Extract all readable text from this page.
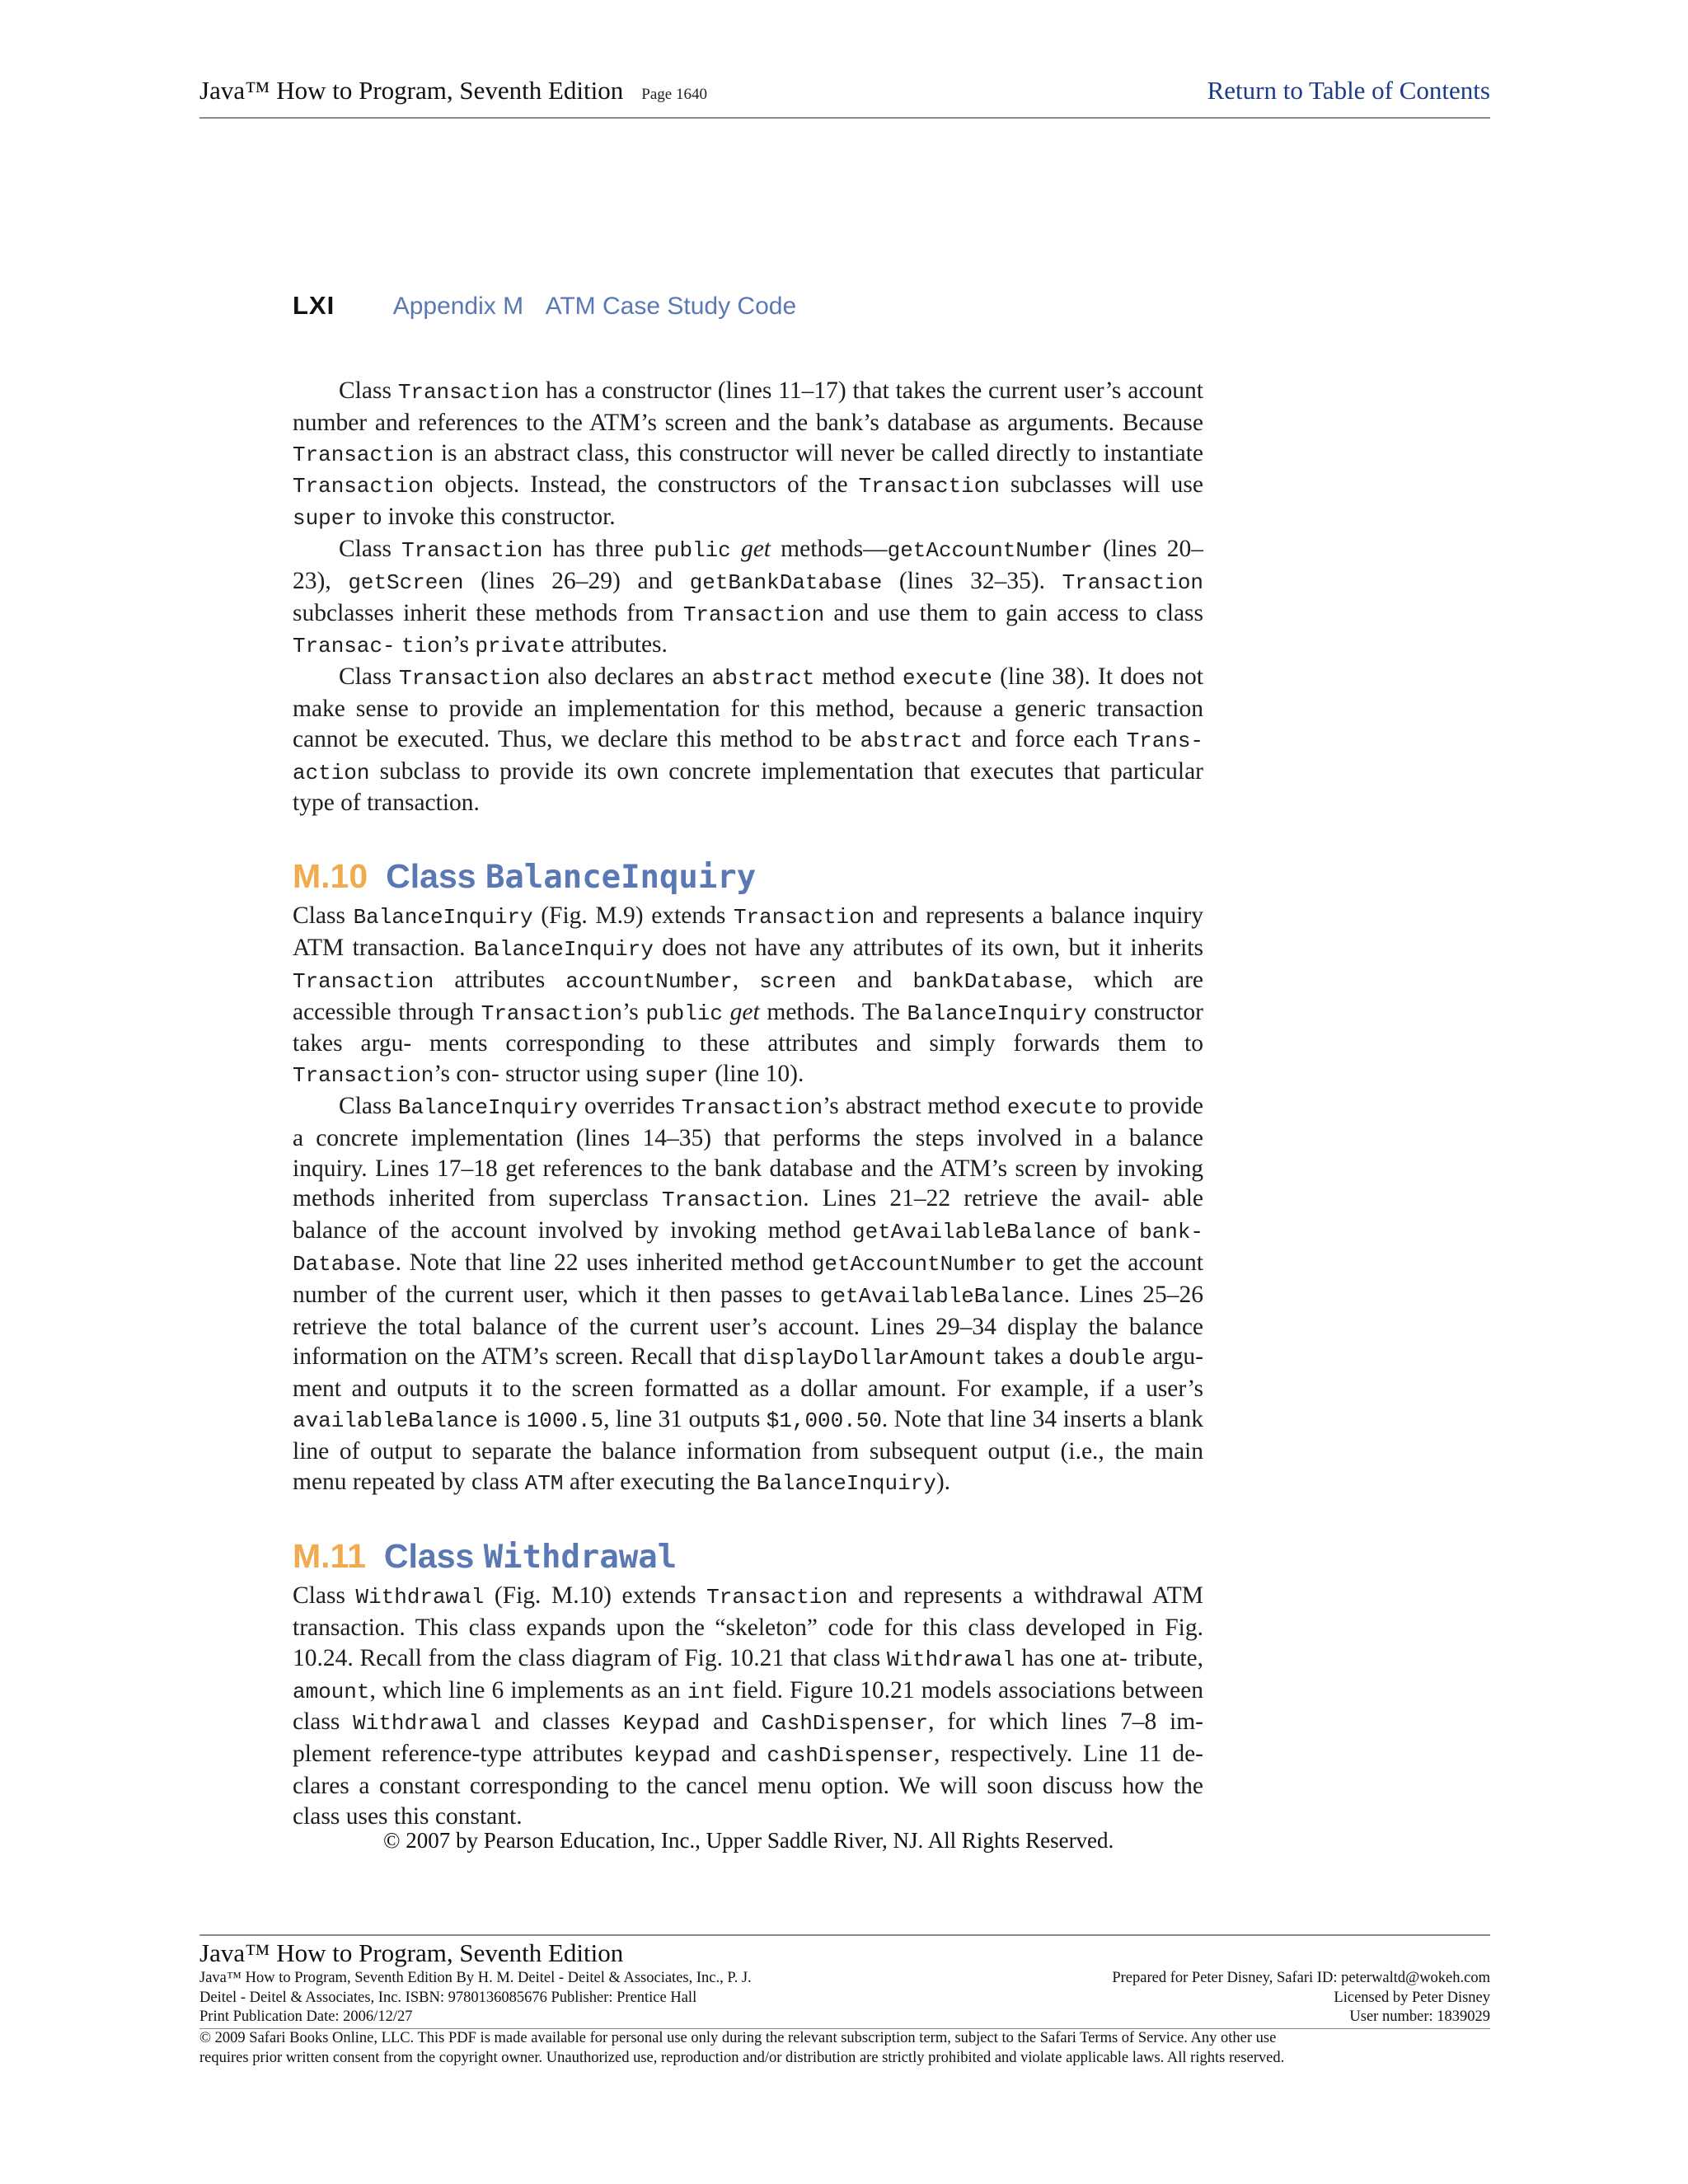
Java™ How to Program, Seventh Edition Page 1640	Return to Table of Contents
LXI Appendix M ATM Case Study Code

Class Transaction has a constructor (lines 11–17) that takes the current user’s account number and references to the ATM’s screen and the bank’s database as arguments. Because Transaction is an abstract class, this constructor will never be called directly to instantiate Transaction objects. Instead, the constructors of the Transaction subclasses will use super to invoke this constructor.

Class Transaction has three public get methods—getAccountNumber (lines 20–23), getScreen (lines 26–29) and getBankDatabase (lines 32–35). Transaction subclasses inherit these methods from Transaction and use them to gain access to class Transac- tion’s private attributes.

Class Transaction also declares an abstract method execute (line 38). It does not make sense to provide an implementation for this method, because a generic transaction cannot be executed. Thus, we declare this method to be abstract and force each Trans- action subclass to provide its own concrete implementation that executes that particular type of transaction.

M.10 Class BalanceInquiry

Class BalanceInquiry (Fig. M.9) extends Transaction and represents a balance inquiry ATM transaction. BalanceInquiry does not have any attributes of its own, but it inherits Transaction attributes accountNumber, screen and bankDatabase, which are accessible through Transaction’s public get methods. The BalanceInquiry constructor takes argu- ments corresponding to these attributes and simply forwards them to Transaction’s con- structor using super (line 10).

Class BalanceInquiry overrides Transaction’s abstract method execute to provide a concrete implementation (lines 14–35) that performs the steps involved in a balance inquiry. Lines 17–18 get references to the bank database and the ATM’s screen by invoking methods inherited from superclass Transaction. Lines 21–22 retrieve the avail- able balance of the account involved by invoking method getAvailableBalance of bank- Database. Note that line 22 uses inherited method getAccountNumber to get the account number of the current user, which it then passes to getAvailableBalance. Lines 25–26 retrieve the total balance of the current user’s account. Lines 29–34 display the balance information on the ATM’s screen. Recall that displayDollarAmount takes a double argu- ment and outputs it to the screen formatted as a dollar amount. For example, if a user’s availableBalance is 1000.5, line 31 outputs $1,000.50. Note that line 34 inserts a blank line of output to separate the balance information from subsequent output (i.e., the main menu repeated by class ATM after executing the BalanceInquiry).

M.11 Class Withdrawal

Class Withdrawal (Fig. M.10) extends Transaction and represents a withdrawal ATM transaction. This class expands upon the “skeleton” code for this class developed in Fig. 10.24. Recall from the class diagram of Fig. 10.21 that class Withdrawal has one at- tribute, amount, which line 6 implements as an int field. Figure 10.21 models associations between class Withdrawal and classes Keypad and CashDispenser, for which lines 7–8 im- plement reference-type attributes keypad and cashDispenser, respectively. Line 11 de- clares a constant corresponding to the cancel menu option. We will soon discuss how the class uses this constant.

© 2007 by Pearson Education, Inc., Upper Saddle River, NJ. All Rights Reserved.
Java™ How to Program, Seventh Edition
Java™ How to Program, Seventh Edition By H. M. Deitel - Deitel & Associates, Inc., P. J.
Deitel - Deitel & Associates, Inc. ISBN: 9780136085676 Publisher: Prentice Hall
Print Publication Date: 2006/12/27
Prepared for Peter Disney, Safari ID: peterwaltd@wokeh.com
Licensed by Peter Disney
User number: 1839029
© 2009 Safari Books Online, LLC. This PDF is made available for personal use only during the relevant subscription term, subject to the Safari Terms of Service. Any other use
requires prior written consent from the copyright owner. Unauthorized use, reproduction and/or distribution are strictly prohibited and violate applicable laws. All rights reserved.
